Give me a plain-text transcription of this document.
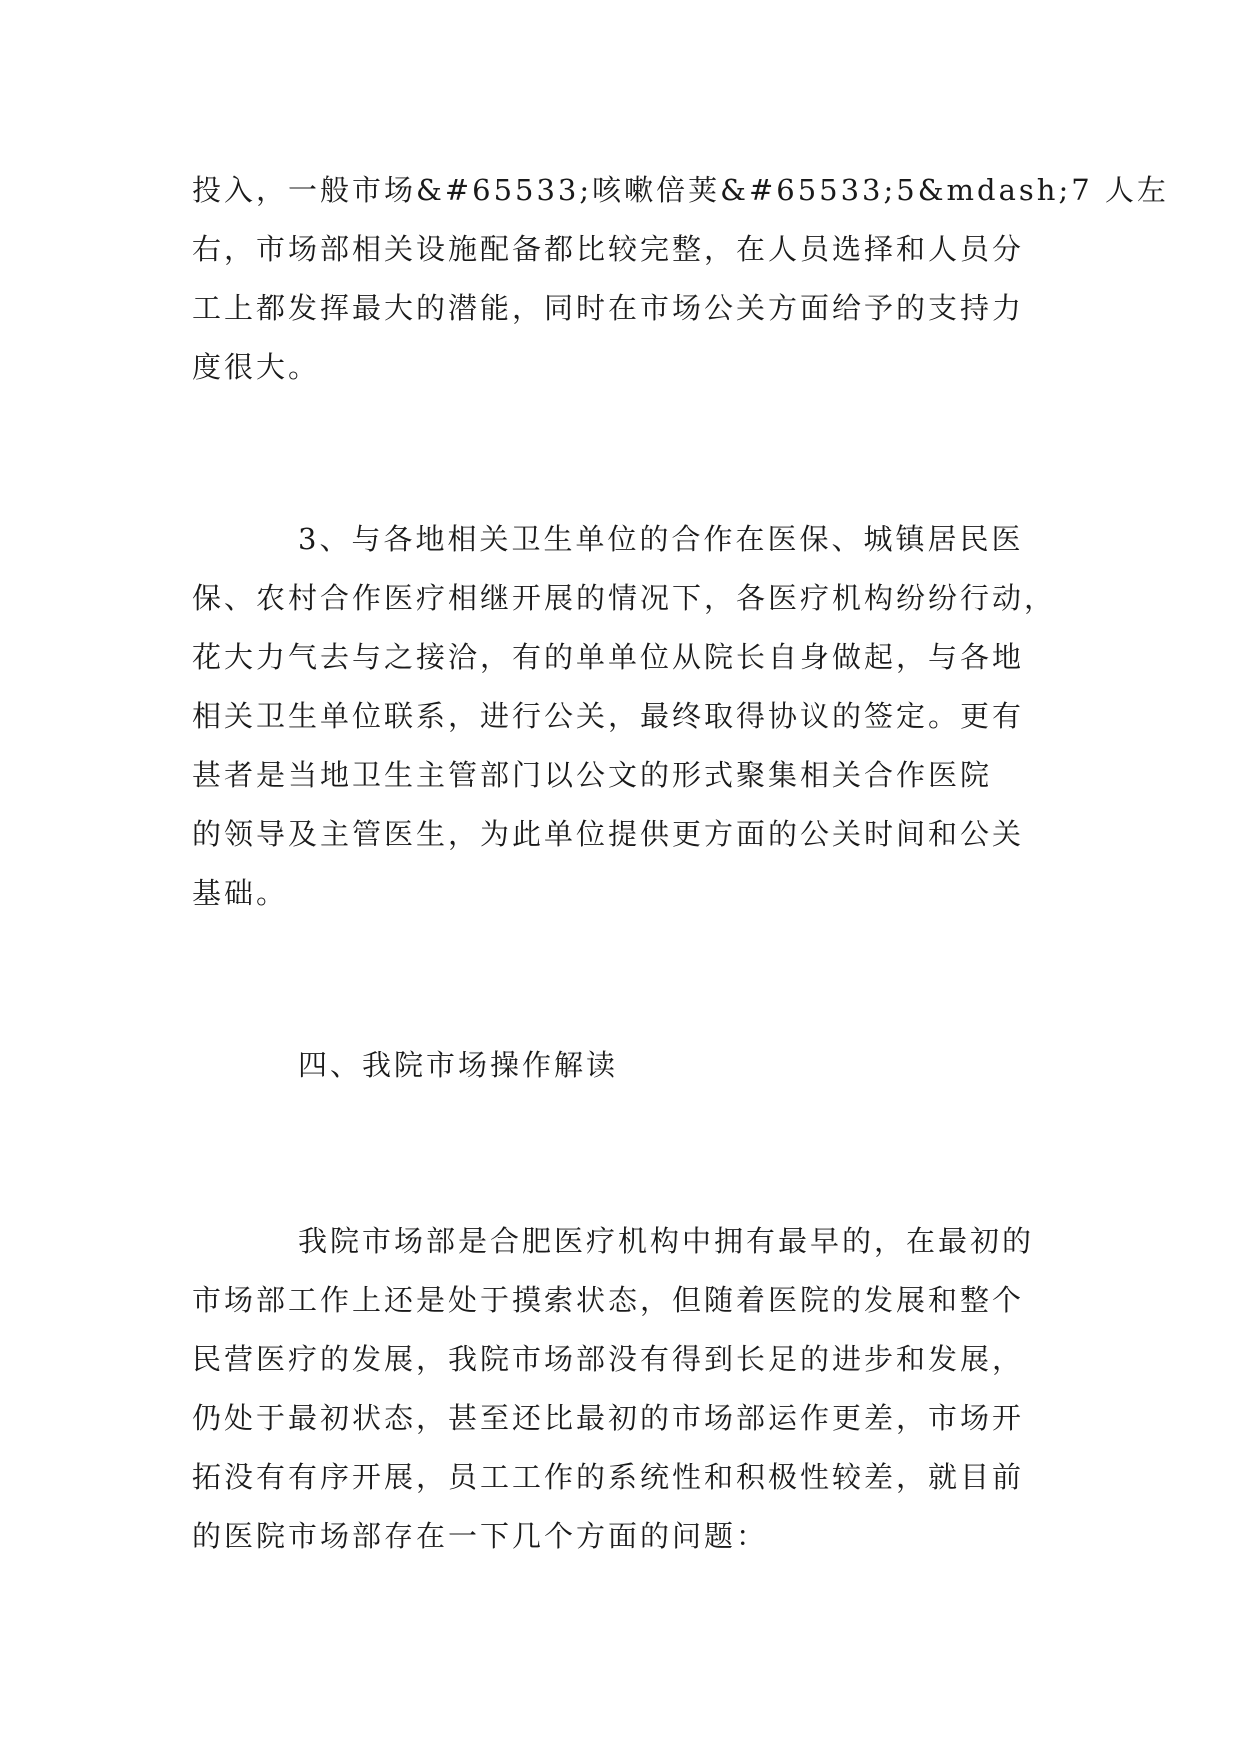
投入，一般市场&#65533;咳嗽倍荚&#65533;5&mdash;7 人左
右，市场部相关设施配备都比较完整，在人员选择和人员分
工上都发挥最大的潜能，同时在市场公关方面给予的支持力
度很大。
3、与各地相关卫生单位的合作在医保、城镇居民医
保、农村合作医疗相继开展的情况下，各医疗机构纷纷行动，
花大力气去与之接洽，有的单单位从院长自身做起，与各地
相关卫生单位联系，进行公关，最终取得协议的签定。更有
甚者是当地卫生主管部门以公文的形式聚集相关合作医院
的领导及主管医生，为此单位提供更方面的公关时间和公关
基础。
四、我院市场操作解读
我院市场部是合肥医疗机构中拥有最早的，在最初的
市场部工作上还是处于摸索状态，但随着医院的发展和整个
民营医疗的发展，我院市场部没有得到长足的进步和发展，
仍处于最初状态，甚至还比最初的市场部运作更差，市场开
拓没有有序开展，员工工作的系统性和积极性较差，就目前
的医院市场部存在一下几个方面的问题：
